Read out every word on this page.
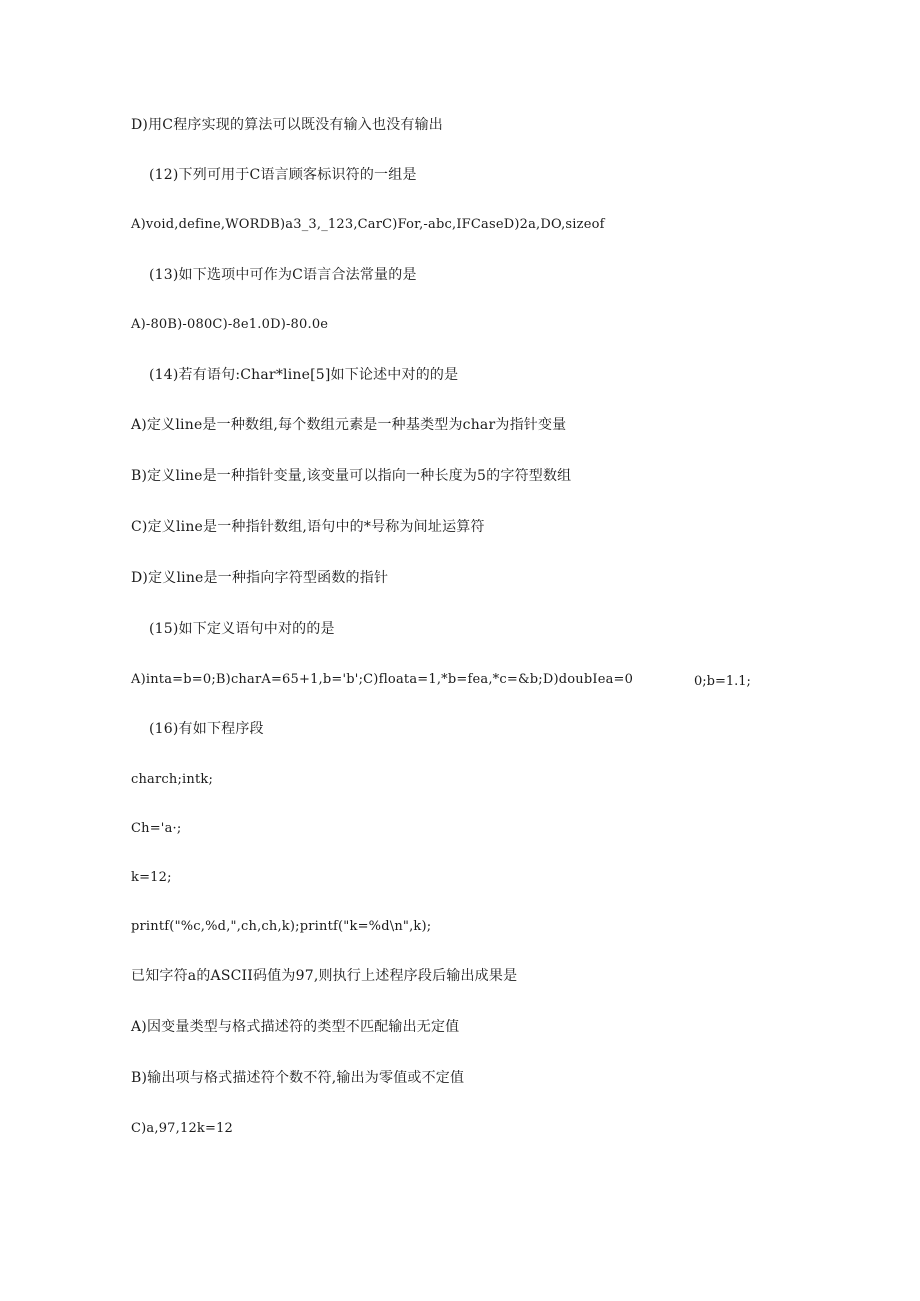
D)用C程序实现的算法可以既没有输入也没有输出
(12)下列可用于C语言顾客标识符的一组是
A)void,define,WORDB)a3_3,_123,CarC)For,-abc,IFCaseD)2a,DO,sizeof
(13)如下选项中可作为C语言合法常量的是
A)-80B)-080C)-8e1.0D)-80.0e
(14)若有语句:Char*line[5]如下论述中对的的是
A)定义line是一种数组,每个数组元素是一种基类型为char为指针变量
B)定义line是一种指针变量,该变量可以指向一种长度为5的字符型数组
C)定义line是一种指针数组,语句中的*号称为间址运算符
D)定义line是一种指向字符型函数的指针
(15)如下定义语句中对的的是
A)inta=b=0;B)charA=65+1,b='b';C)floata=1,*b=fea,*c=&b;D)doubIea=0	0;b=1.1;
(16)有如下程序段
charch;intk;
Ch='a·;
k=12;
printf("%c,%d,",ch,ch,k);printf("k=%d\n",k);
已知字符a的ASCII码值为97,则执行上述程序段后输出成果是
A)因变量类型与格式描述符的类型不匹配输出无定值
B)输出项与格式描述符个数不符,输出为零值或不定值
C)a,97,12k=12
